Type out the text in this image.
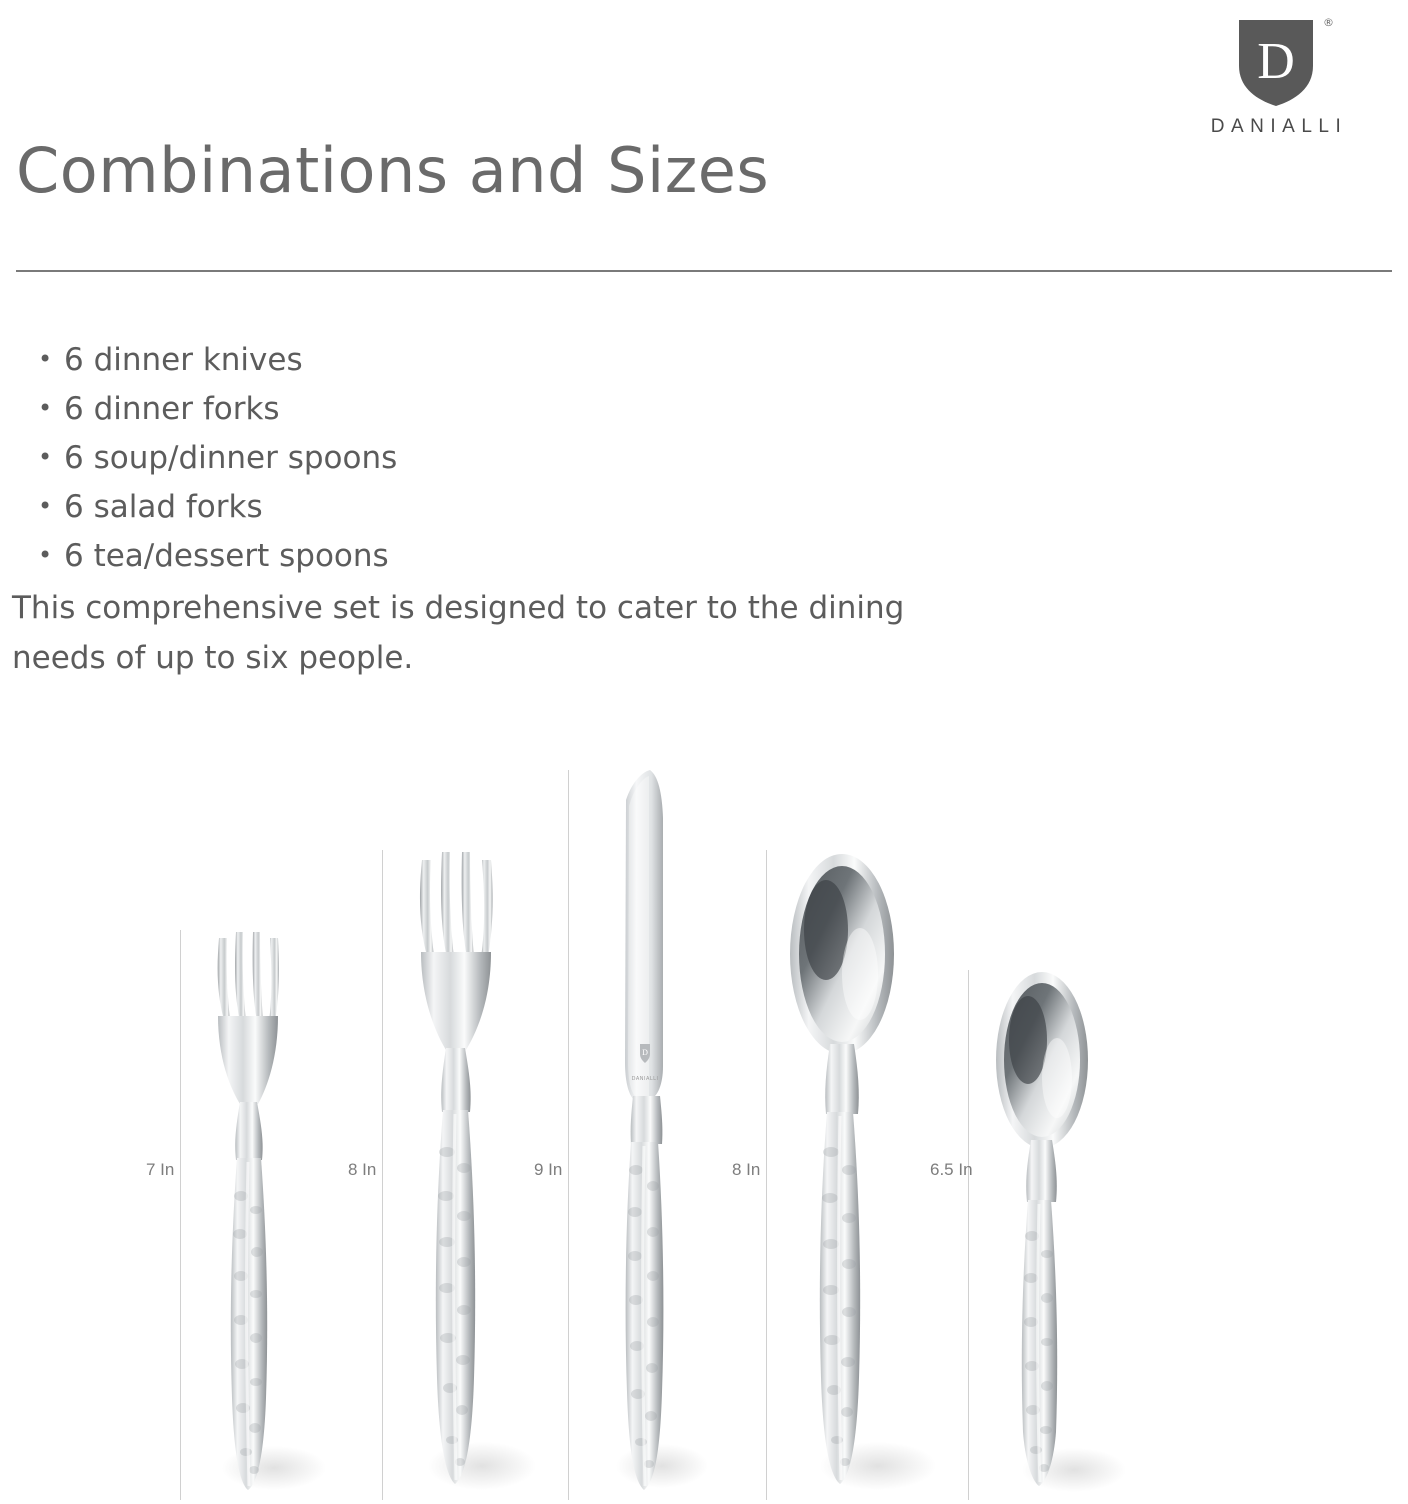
D
®
DANIALLI
Combinations and Sizes
• 6 dinner knives
• 6 dinner forks
• 6 soup/dinner spoons
• 6 salad forks
• 6 tea/dessert spoons
This comprehensive set is designed to cater to the dining needs of up to six people.
7 In	8 In	9 In	8 In	6.5 In
D
DANIALLI
